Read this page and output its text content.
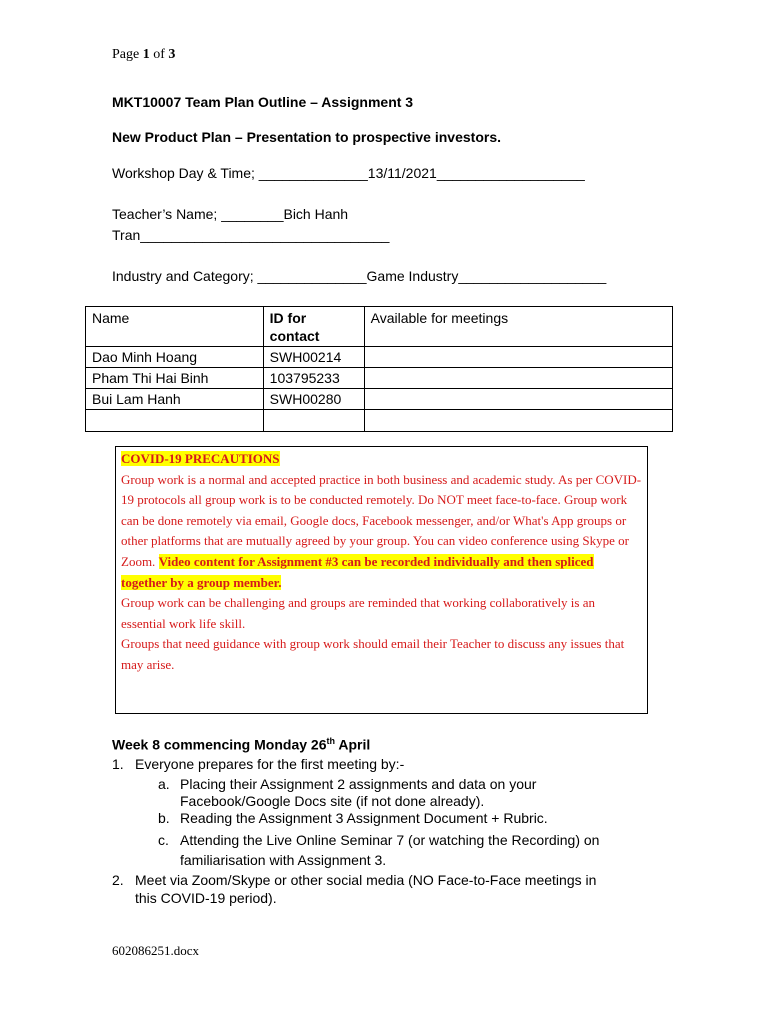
Page 1 of 3
MKT10007 Team Plan Outline – Assignment 3
New Product Plan – Presentation to prospective investors.
Workshop Day & Time; ______________13/11/2021___________________
Teacher’s Name; ________Bich Hanh
Tran________________________________
Industry and Category; ______________Game Industry___________________
Name	ID for contact	Available for meetings
Dao Minh Hoang	SWH00214	
Pham Thi Hai Binh	103795233	
Bui Lam Hanh	SWH00280	

COVID-19 PRECAUTIONS

Group work is a normal and accepted practice in both business and academic study. As per COVID-19 protocols all group work is to be conducted remotely. Do NOT meet face-to-face. Group work can be done remotely via email, Google docs, Facebook messenger, and/or What's App groups or other platforms that are mutually agreed by your group. You can video conference using Skype or Zoom. Video content for Assignment #3 can be recorded individually and then spliced together by a group member.

Group work can be challenging and groups are reminded that working collaboratively is an essential work life skill.

Groups that need guidance with group work should email their Teacher to discuss any issues that may arise.

Week 8 commencing Monday 26th April
1. Everyone prepares for the first meeting by:-
a. Placing their Assignment 2 assignments and data on your
Facebook/Google Docs site (if not done already).
b. Reading the Assignment 3 Assignment Document + Rubric.
c. Attending the Live Online Seminar 7 (or watching the Recording) on
familiarisation with Assignment 3.
2. Meet via Zoom/Skype or other social media (NO Face-to-Face meetings in
this COVID-19 period).
602086251.docx
